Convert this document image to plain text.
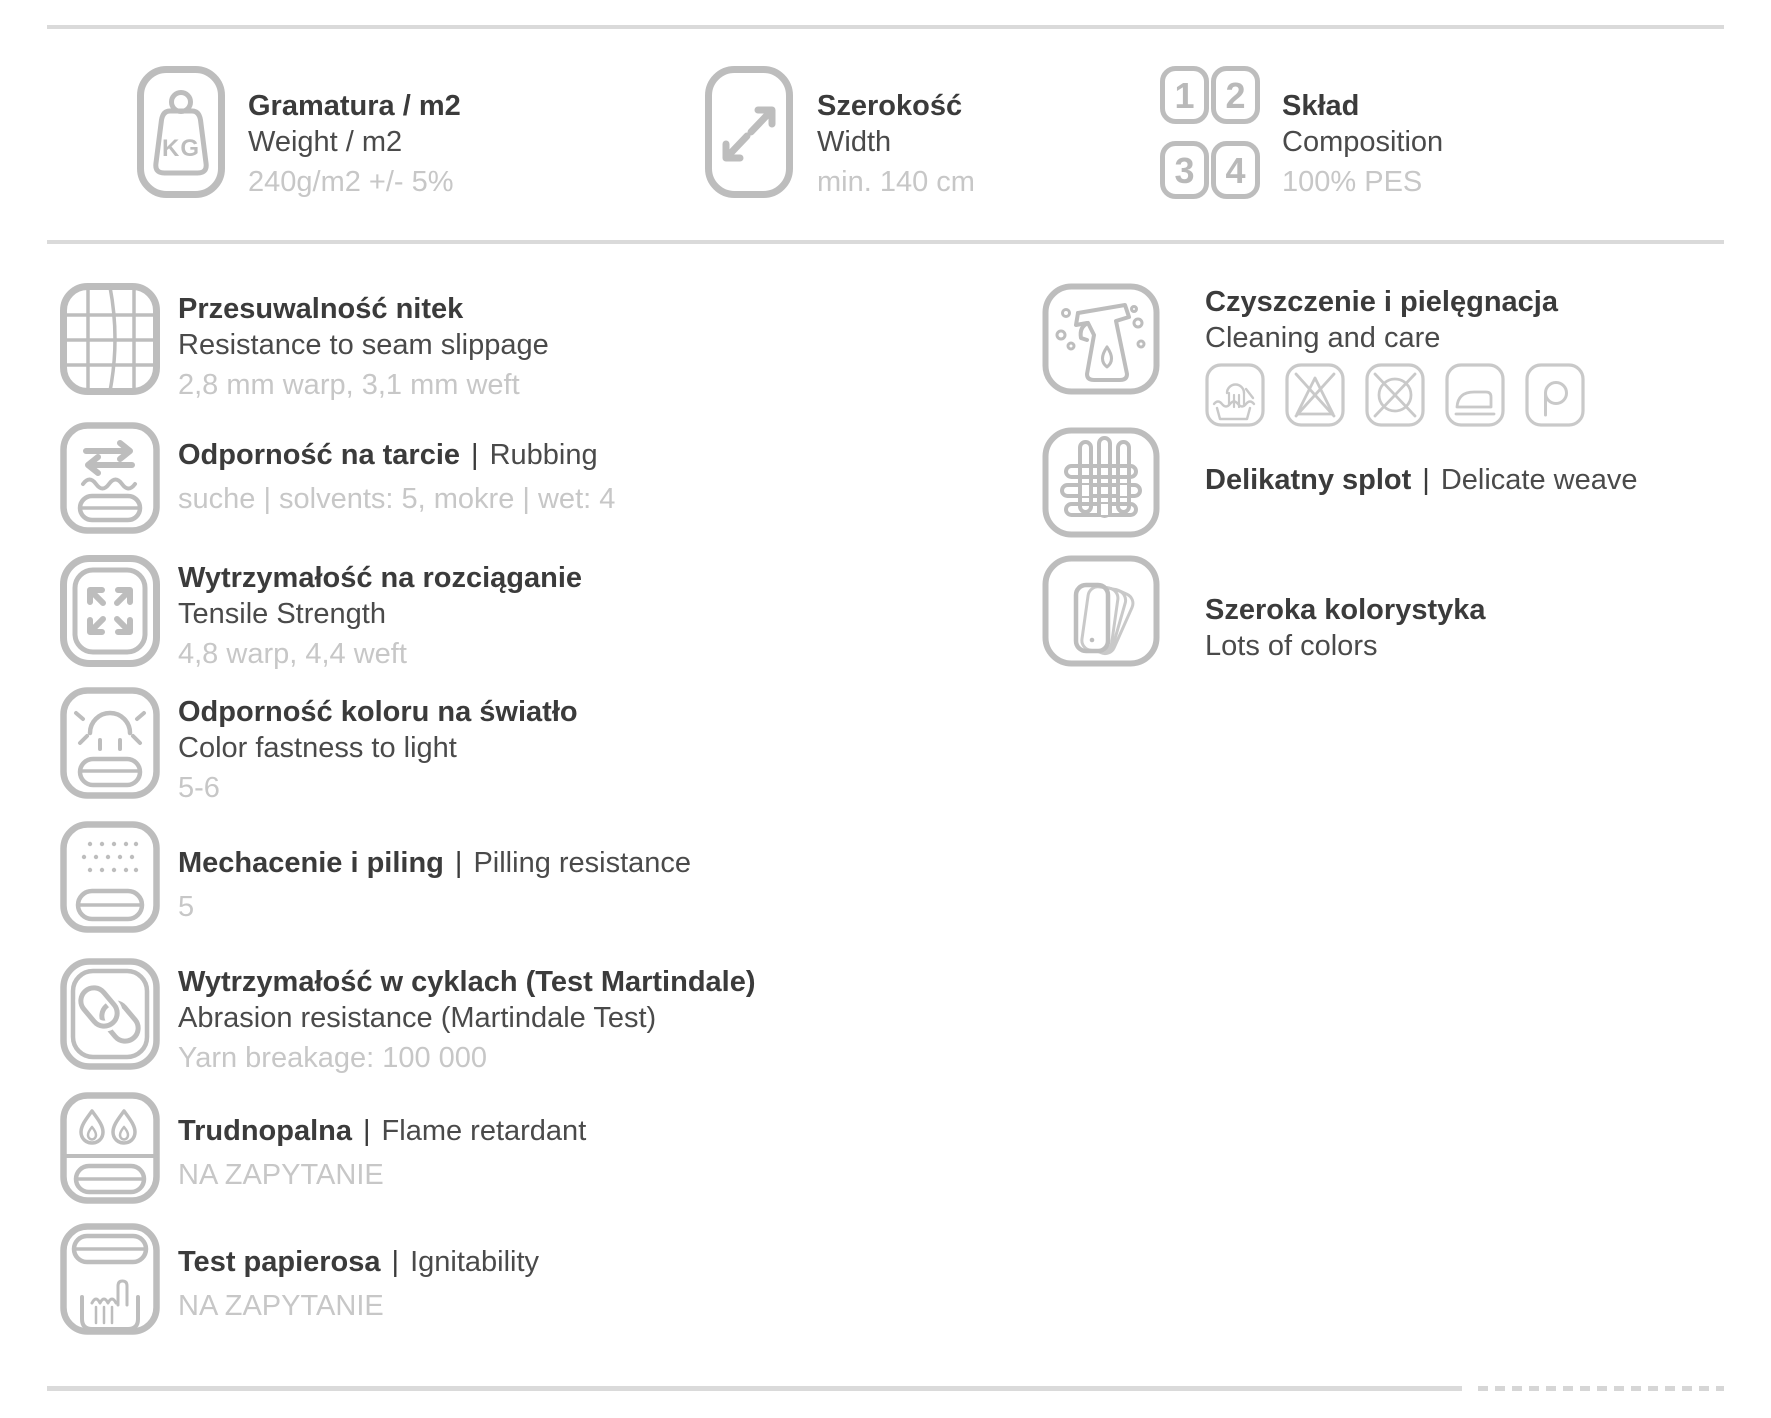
KG
Gramatura / m2
Weight / m2
240g/m2 +/- 5%
Szerokość
Width
min. 140 cm
1 2
3 4
Skład
Composition
100% PES
Przesuwalność nitek
Resistance to seam slippage
2,8 mm warp, 3,1 mm weft
Odporność na tarcie | Rubbing
suche | solvents: 5, mokre | wet: 4
Wytrzymałość na rozciąganie
Tensile Strength
4,8 warp, 4,4 weft
Odporność koloru na światło
Color fastness to light
5-6
Mechacenie i piling | Pilling resistance
5
Wytrzymałość w cyklach (Test Martindale)
Abrasion resistance (Martindale Test)
Yarn breakage: 100 000
Trudnopalna | Flame retardant
NA ZAPYTANIE
Test papierosa | Ignitability
NA ZAPYTANIE
Czyszczenie i pielęgnacja
Cleaning and care
Delikatny splot | Delicate weave
Szeroka kolorystyka
Lots of colors
